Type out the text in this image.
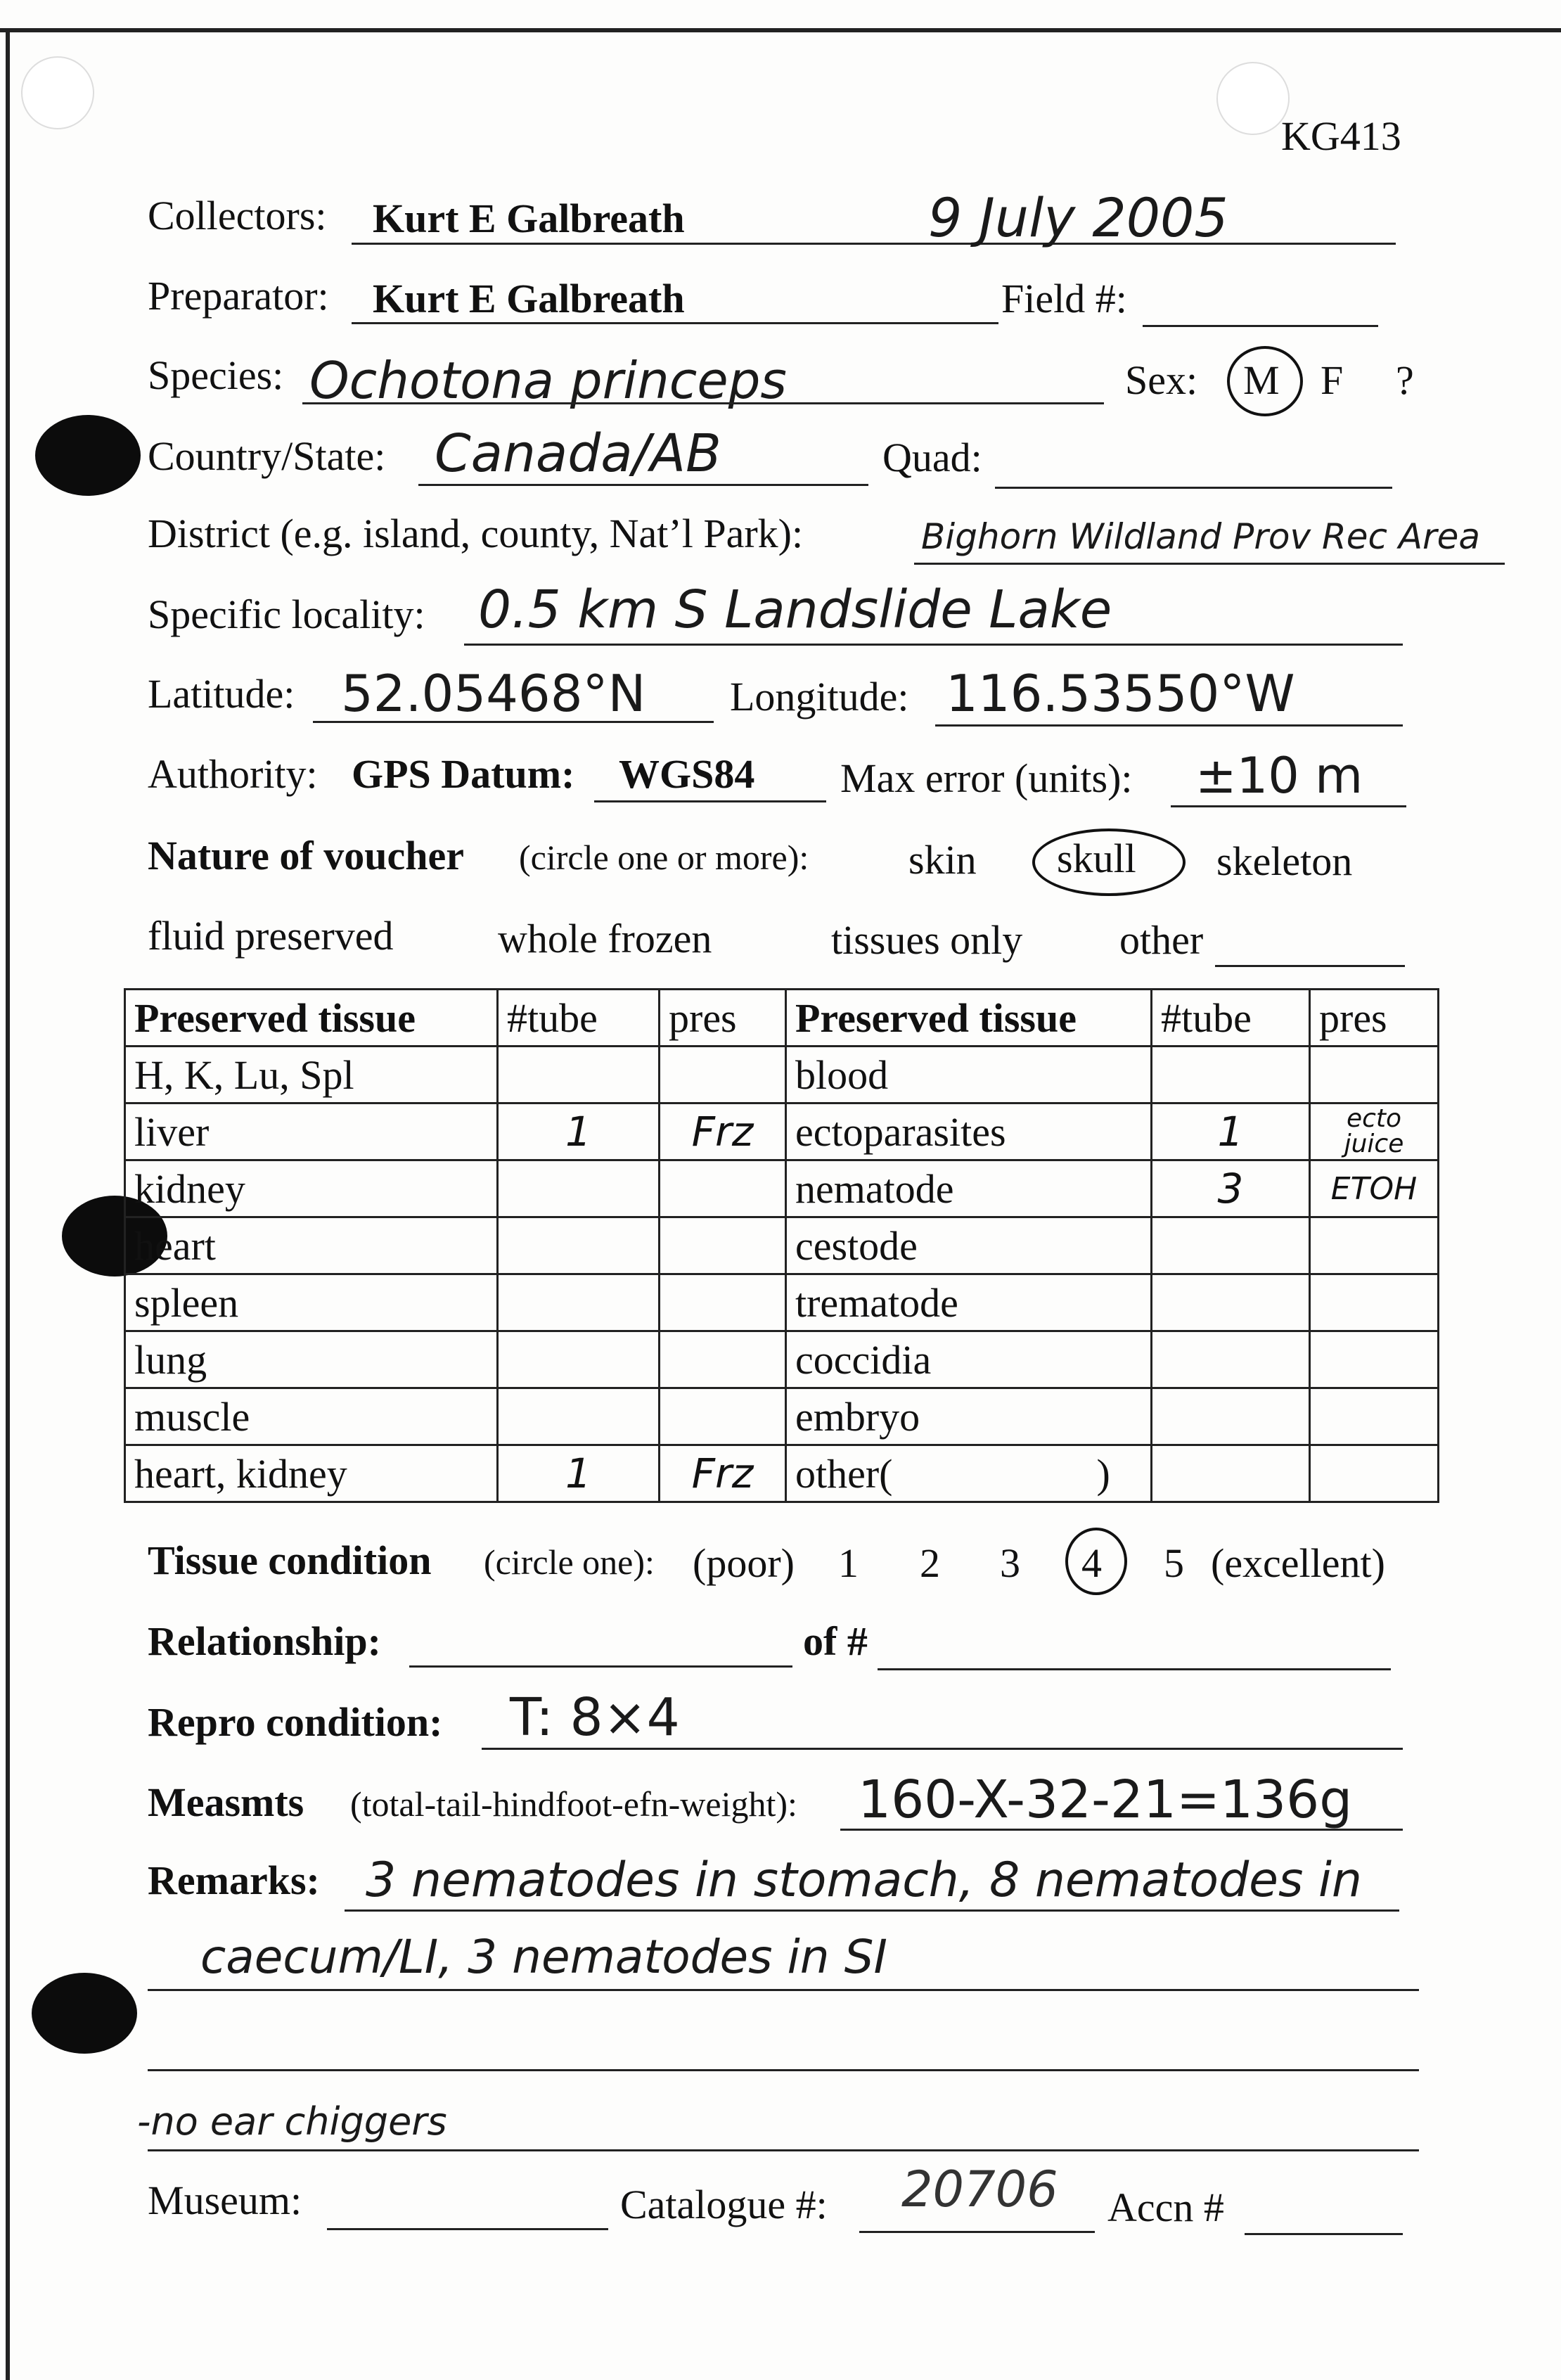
KG413
Collectors: Kurt E Galbreath	9 July 2005
Preparator: Kurt E Galbreath	Field #:
Species: Ochotona princeps	Sex: M F ?
Country/State: Canada/AB	Quad:
District (e.g. island, county, Nat’l Park):	Bighorn Wildland Prov Rec Area
Specific locality: 0.5 km S Landslide Lake
Latitude: 52.05468°N Longitude: 116.53550°W
Authority: GPS Datum: WGS84 Max error (units): ±10 m
Nature of voucher (circle one or more): skin skull skeleton
fluid preserved	whole frozen	tissues only other
Preserved tissue	#tube	pres	Preserved tissue	#tube	pres
H, K, Lu, Spl			blood		
liver	1	Frz	ectoparasites	1	ecto juice
kidney			nematode	3	ETOH
heart			cestode		
spleen			trematode		
lung			coccidia		
muscle			embryo		
heart, kidney	1	Frz	other(                    )		
Tissue condition (circle one): (poor) 1 2 3 4 5 (excellent)
Relationship:	of #
Repro condition: T: 8×4
Measmts (total-tail-hindfoot-efn-weight): 160-X-32-21=136g
Remarks: 3 nematodes in stomach, 8 nematodes in
caecum/LI, 3 nematodes in SI
-no ear chiggers
Museum:	Catalogue #: 20706 Accn #
